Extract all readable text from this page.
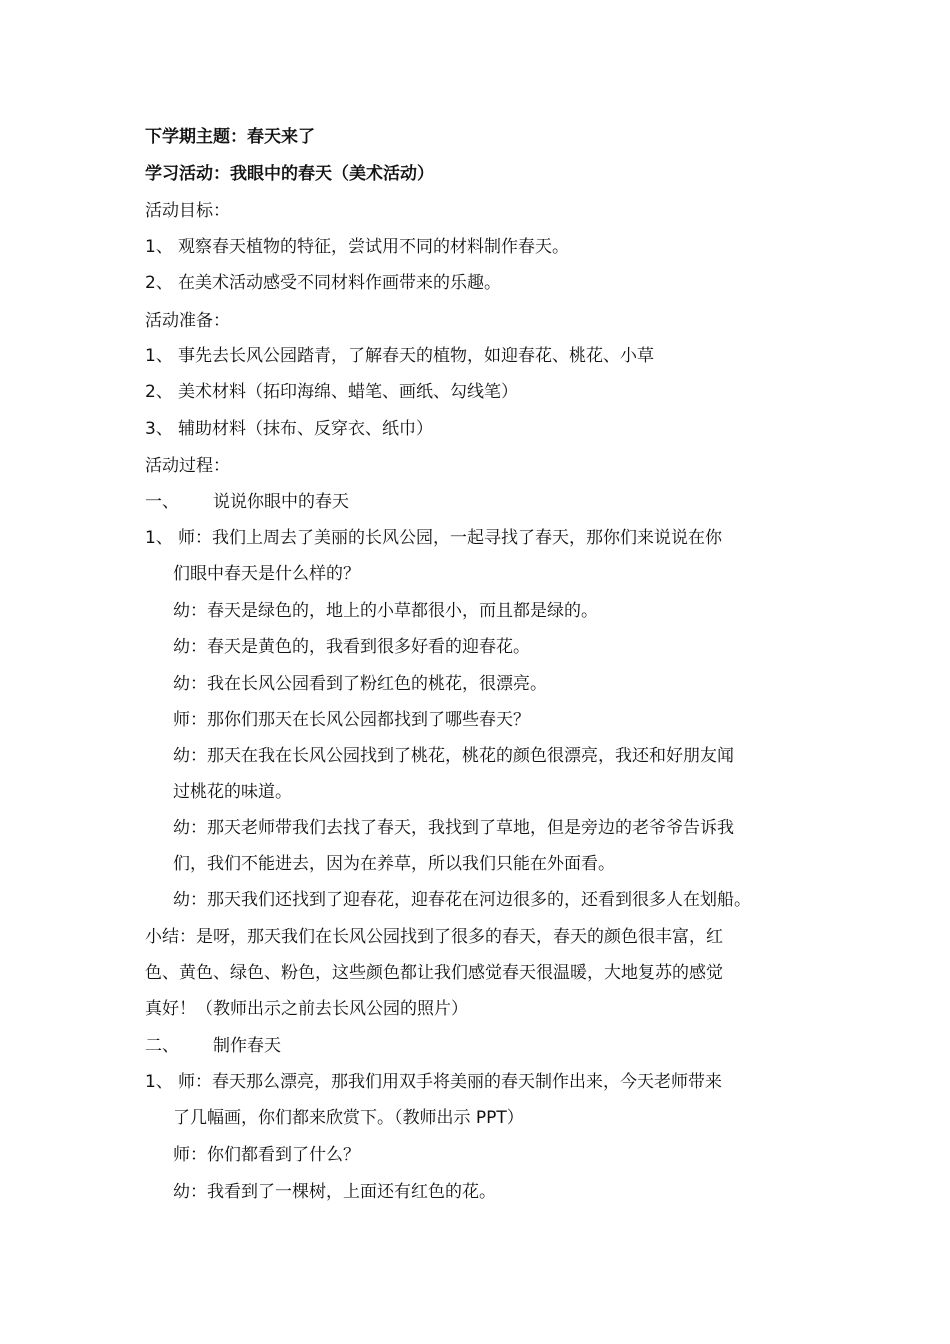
下学期主题：春天来了
学习活动：我眼中的春天（美术活动）
活动目标：
1、 观察春天植物的特征，尝试用不同的材料制作春天。
2、 在美术活动感受不同材料作画带来的乐趣。
活动准备：
1、 事先去长风公园踏青，了解春天的植物，如迎春花、桃花、小草
2、 美术材料（拓印海绵、蜡笔、画纸、勾线笔）
3、 辅助材料（抹布、反穿衣、纸巾）
活动过程：
一、 说说你眼中的春天
1、 师：我们上周去了美丽的长风公园，一起寻找了春天，那你们来说说在你
们眼中春天是什么样的？
幼：春天是绿色的，地上的小草都很小，而且都是绿的。
幼：春天是黄色的，我看到很多好看的迎春花。
幼：我在长风公园看到了粉红色的桃花，很漂亮。
师：那你们那天在长风公园都找到了哪些春天？
幼：那天在我在长风公园找到了桃花，桃花的颜色很漂亮，我还和好朋友闻
过桃花的味道。
幼：那天老师带我们去找了春天，我找到了草地，但是旁边的老爷爷告诉我
们，我们不能进去，因为在养草，所以我们只能在外面看。
幼：那天我们还找到了迎春花，迎春花在河边很多的，还看到很多人在划船。
小结：是呀，那天我们在长风公园找到了很多的春天，春天的颜色很丰富，红
色、黄色、绿色、粉色，这些颜色都让我们感觉春天很温暖，大地复苏的感觉
真好！（教师出示之前去长风公园的照片）
二、 制作春天
1、 师：春天那么漂亮，那我们用双手将美丽的春天制作出来，今天老师带来
了几幅画，你们都来欣赏下。（教师出示 PPT）
师：你们都看到了什么？
幼：我看到了一棵树，上面还有红色的花。
